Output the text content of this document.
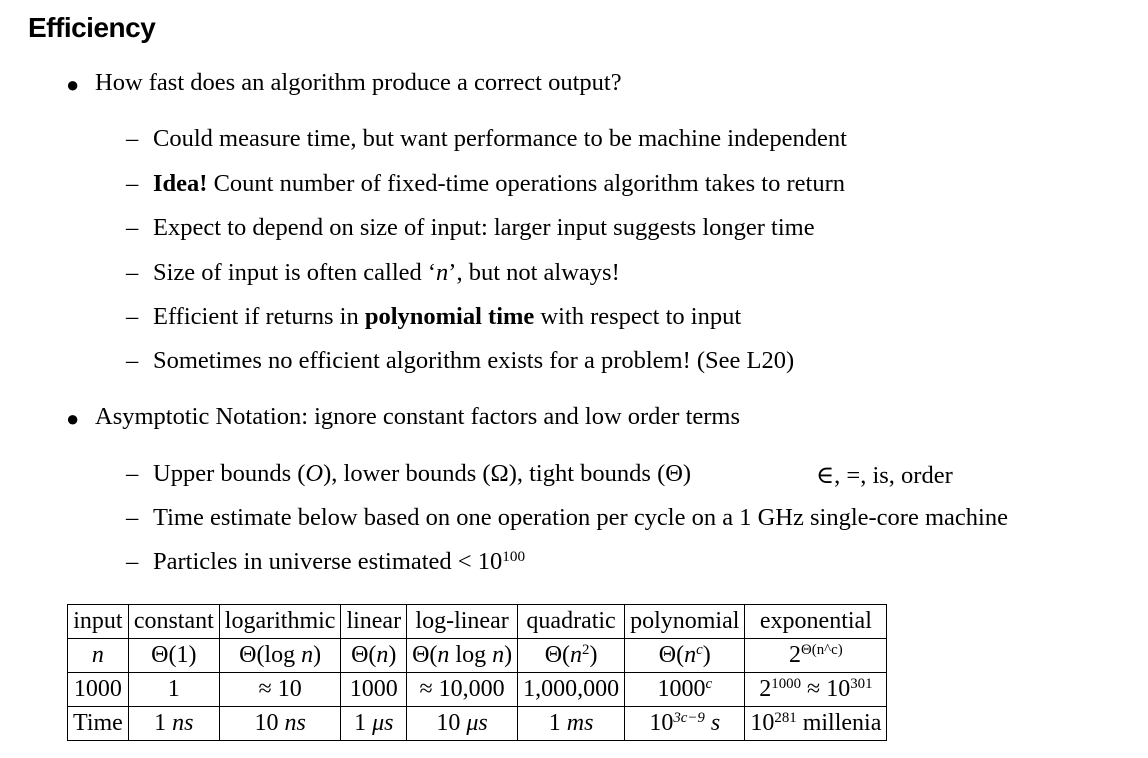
Efficiency
● How fast does an algorithm produce a correct output?
– Could measure time, but want performance to be machine independent
– Idea! Count number of fixed-time operations algorithm takes to return
– Expect to depend on size of input: larger input suggests longer time
– Size of input is often called ‘n’, but not always!
– Efficient if returns in polynomial time with respect to input
– Sometimes no efficient algorithm exists for a problem! (See L20)
● Asymptotic Notation: ignore constant factors and low order terms
– Upper bounds (O), lower bounds (Ω), tight bounds (Θ)	∈, =, is, order
– Time estimate below based on one operation per cycle on a 1 GHz single-core machine
– Particles in universe estimated < $10^{100}$
input	constant	logarithmic	linear	log-linear	quadratic	polynomial	exponential
n	Θ(1)	Θ(log n)	Θ(n)	Θ(n log n)	$\Theta(n^2)$	$\Theta(n^c)$	$2^{\Theta(n\^{}c)}$
1000	1	≈ 10	1000	≈ 10,000	1,000,000	1000$^c$	$2^{1000} \approx 10^{301}$
Time	1 ns	10 ns	1 μs	10 μs	1 ms	$10^{3c-9}$ s	$10^{281}$ millenia
